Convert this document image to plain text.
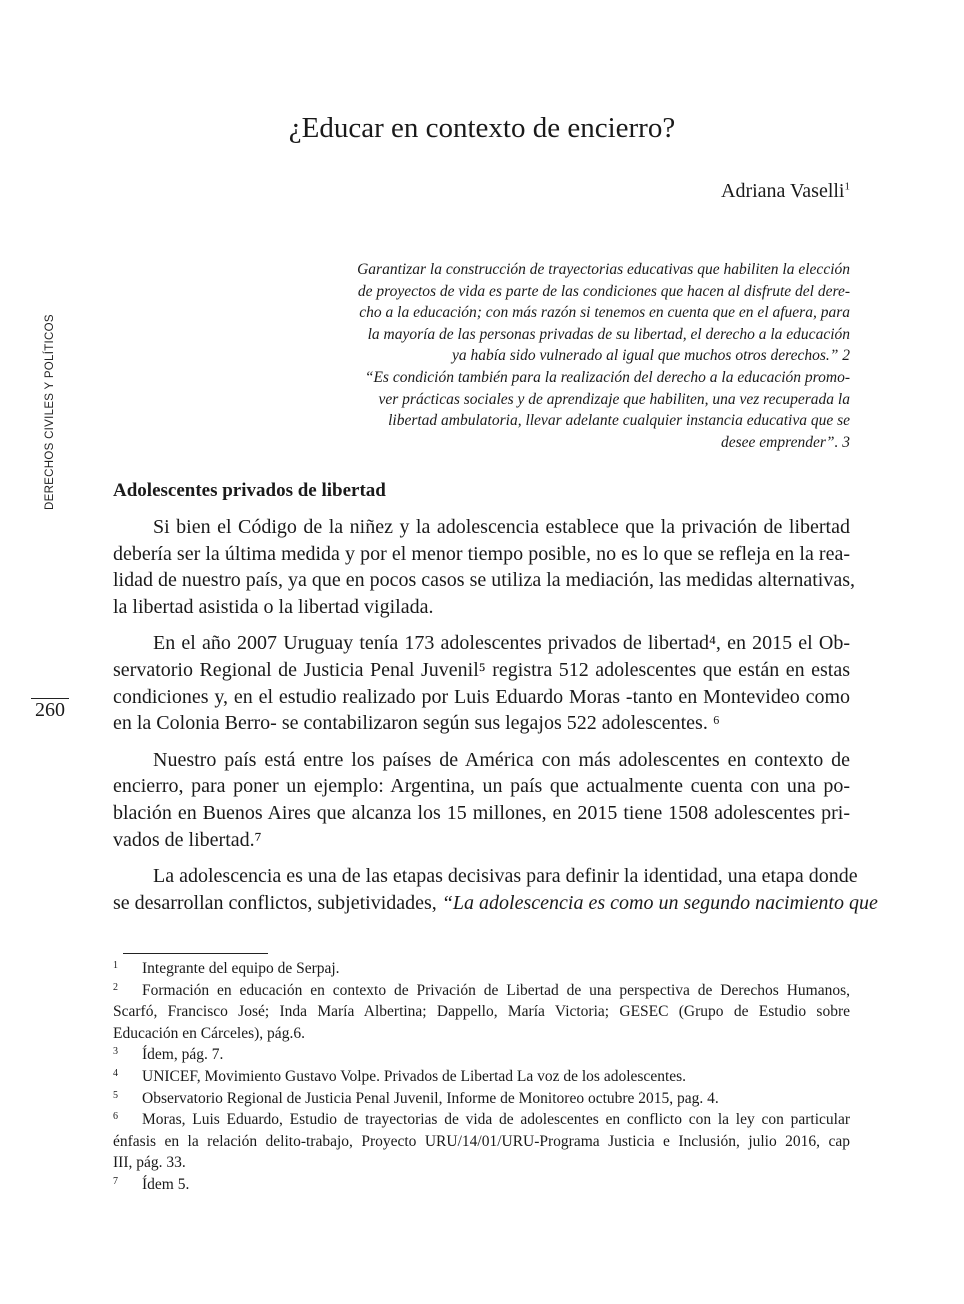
¿Educar en contexto de encierro?
Adriana Vaselli$^1$
DERECHOS CIVILES Y POLÍTICOS
260
Garantizar la construcción de trayectorias educativas que habiliten la elección
de proyectos de vida es parte de las condiciones que hacen al disfrute del dere-
cho a la educación; con más razón si tenemos en cuenta que en el afuera, para
la mayoría de las personas privadas de su libertad, el derecho a la educación
ya había sido vulnerado al igual que muchos otros derechos.” 2
“Es condición también para la realización del derecho a la educación promo-
ver prácticas sociales y de aprendizaje que habiliten, una vez recuperada la
libertad ambulatoria, llevar adelante cualquier instancia educativa que se
desee emprender”. 3
Adolescentes privados de libertad
Si bien el Código de la niñez y la adolescencia establece que la privación de libertad
debería ser la última medida y por el menor tiempo posible, no es lo que se refleja en la rea-
lidad de nuestro país, ya que en pocos casos se utiliza la mediación, las medidas alternativas,
la libertad asistida o la libertad vigilada.
En el año 2007 Uruguay tenía 173 adolescentes privados de libertad⁴, en 2015 el Ob-
servatorio Regional de Justicia Penal Juvenil⁵ registra 512 adolescentes que están en estas
condiciones y, en el estudio realizado por Luis Eduardo Moras -tanto en Montevideo como
en la Colonia Berro- se contabilizaron según sus legajos 522 adolescentes. ⁶
Nuestro país está entre los países de América con más adolescentes en contexto de
encierro, para poner un ejemplo: Argentina, un país que actualmente cuenta con una po-
blación en Buenos Aires que alcanza los 15 millones, en 2015 tiene 1508 adolescentes pri-
vados de libertad.⁷
La adolescencia es una de las etapas decisivas para definir la identidad, una etapa donde
se desarrollan conflictos, subjetividades, “La adolescencia es como un segundo nacimiento que
1 Integrante del equipo de Serpaj.
2 Formación en educación en contexto de Privación de Libertad de una perspectiva de Derechos Humanos,
Scarfó, Francisco José; Inda María Albertina; Dappello, María Victoria; GESEC (Grupo de Estudio sobre
Educación en Cárceles), pág.6.
3 Ídem, pág. 7.
4 UNICEF, Movimiento Gustavo Volpe. Privados de Libertad La voz de los adolescentes.
5 Observatorio Regional de Justicia Penal Juvenil, Informe de Monitoreo octubre 2015, pag. 4.
6 Moras, Luis Eduardo, Estudio de trayectorias de vida de adolescentes en conflicto con la ley con particular
énfasis en la relación delito-trabajo, Proyecto URU/14/01/URU-Programa Justicia e Inclusión, julio 2016, cap
III, pág. 33.
7 Ídem 5.
